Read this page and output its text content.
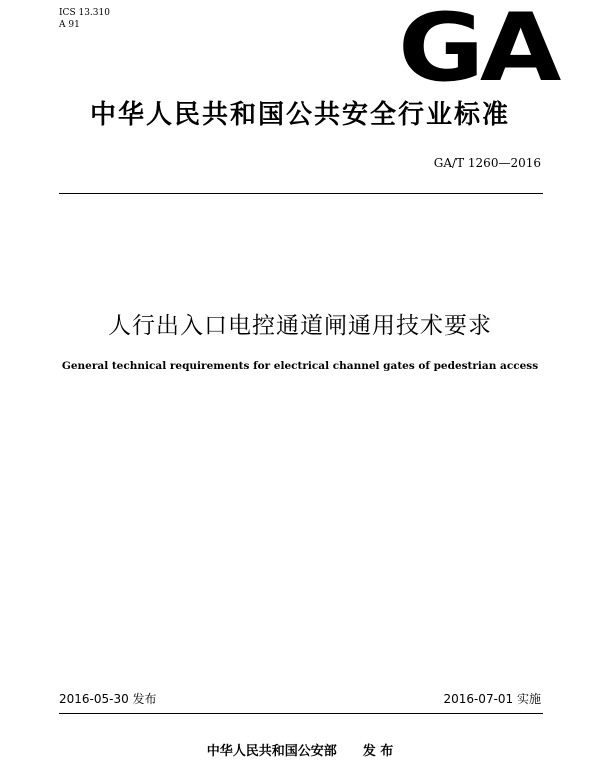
ICS 13.310
A 91	GA
中华人民共和国公共安全行业标准
GA/T 1260—2016
人行出入口电控通道闸通用技术要求
General technical requirements for electrical channel gates of pedestrian access
2016-05-30 发布	2016-07-01 实施
中华人民共和国公安部 发 布
